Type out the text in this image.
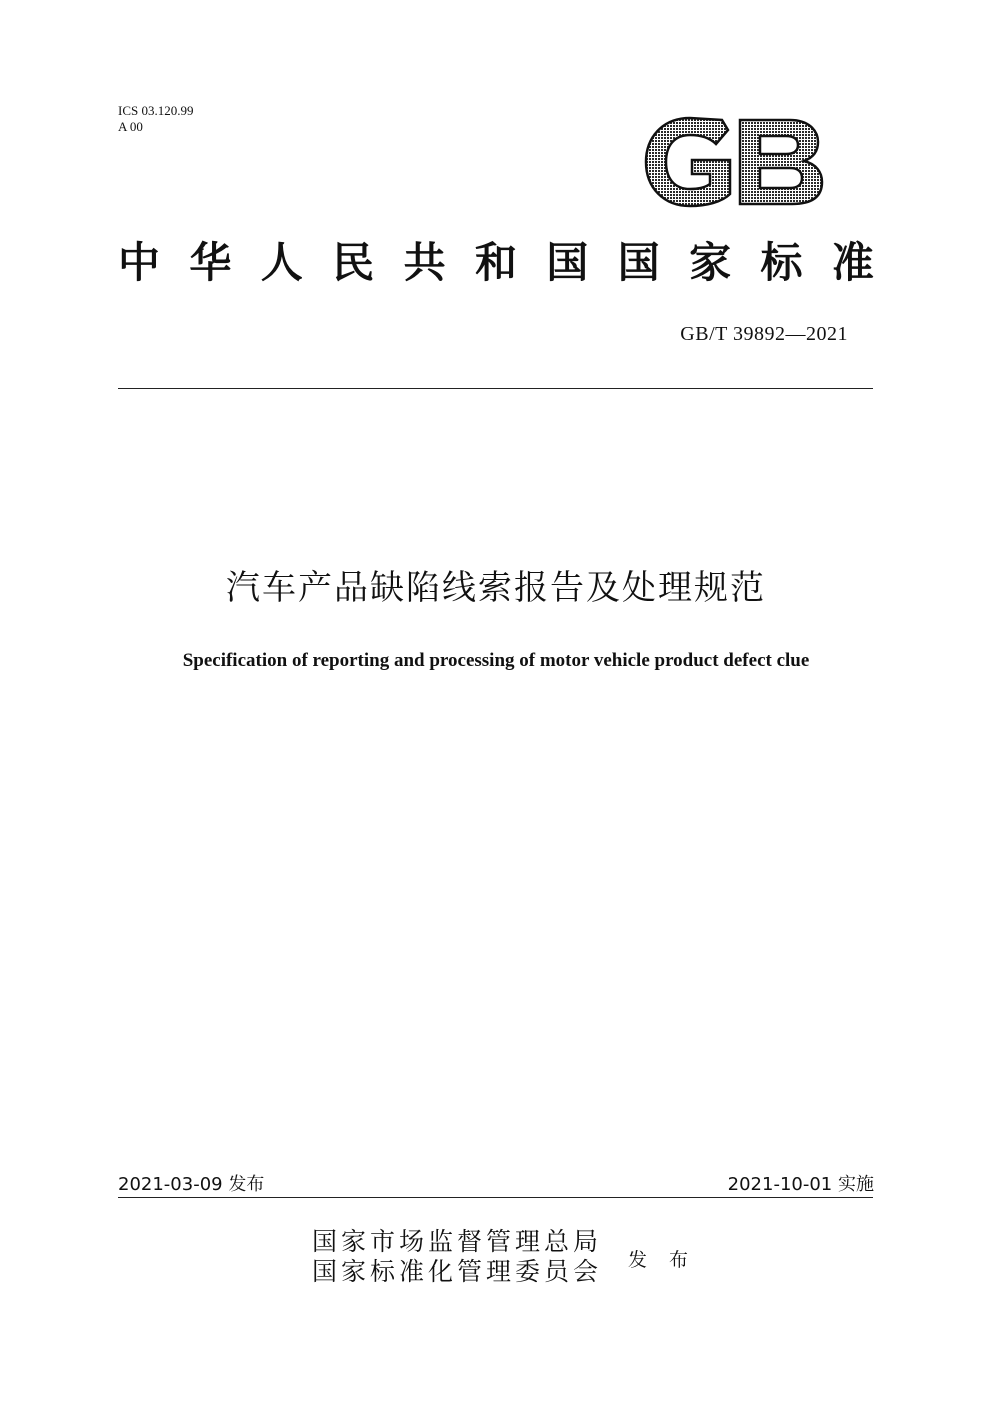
ICS 03.120.99
A 00
中 华 人 民 共 和 国 国 家 标 准
GB/T 39892—2021
汽车产品缺陷线索报告及处理规范
Specification of reporting and processing of motor vehicle product defect clue
2021-03-09 发布	2021-10-01 实施
国家市场监督管理总局
国家标准化管理委员会 发 布
